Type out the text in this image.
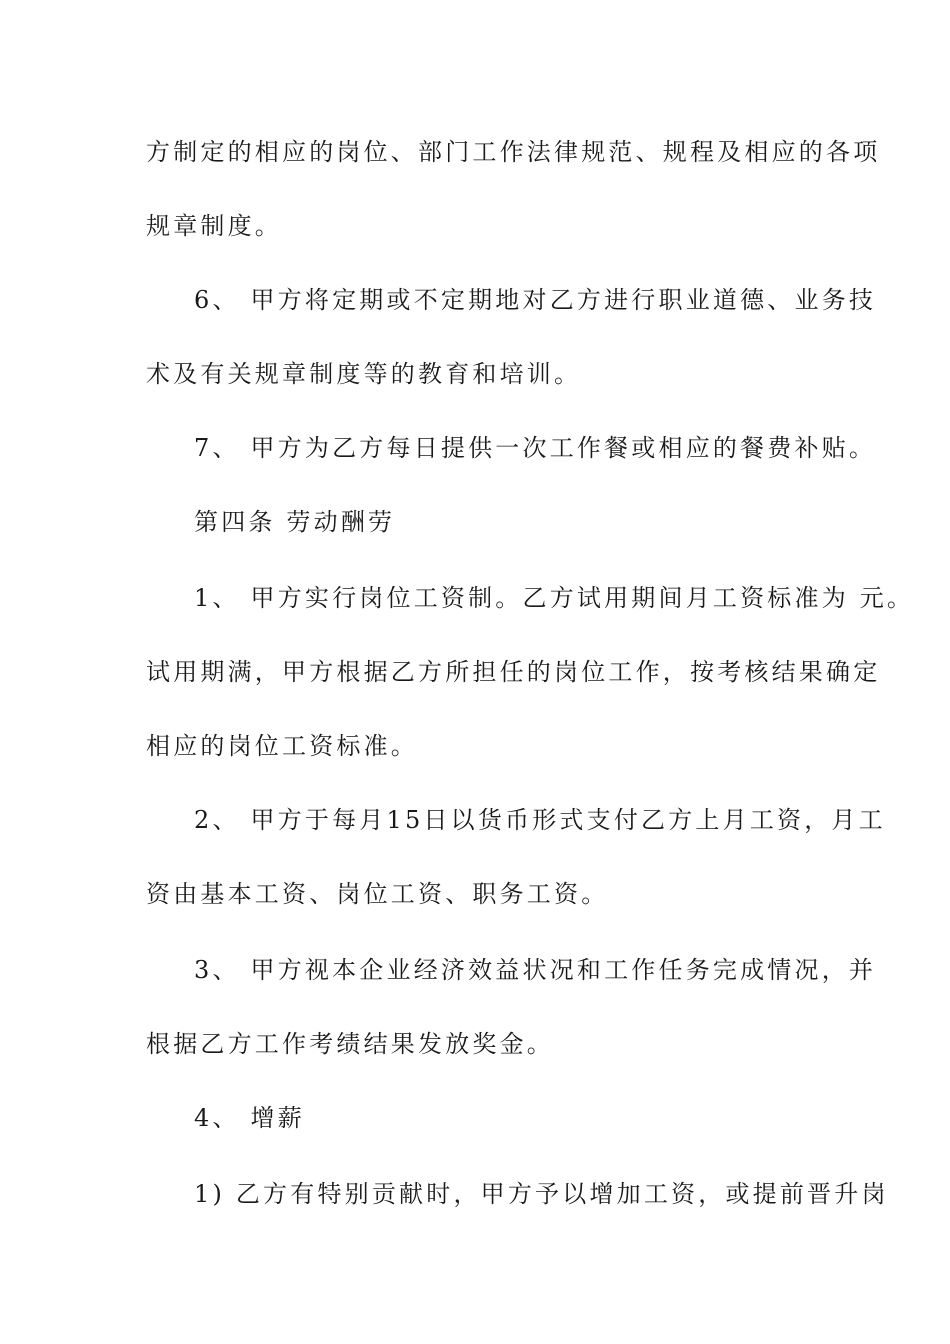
方制定的相应的岗位、部门工作法律规范、规程及相应的各项
规章制度。
6、 甲方将定期或不定期地对乙方进行职业道德、业务技
术及有关规章制度等的教育和培训。
7、 甲方为乙方每日提供一次工作餐或相应的餐费补贴。
第四条 劳动酬劳
1、 甲方实行岗位工资制。乙方试用期间月工资标准为 元。
试用期满，甲方根据乙方所担任的岗位工作，按考核结果确定
相应的岗位工资标准。
2、 甲方于每月15日以货币形式支付乙方上月工资，月工
资由基本工资、岗位工资、职务工资。
3、 甲方视本企业经济效益状况和工作任务完成情况，并
根据乙方工作考绩结果发放奖金。
4、 增薪
1) 乙方有特别贡献时，甲方予以增加工资，或提前晋升岗
